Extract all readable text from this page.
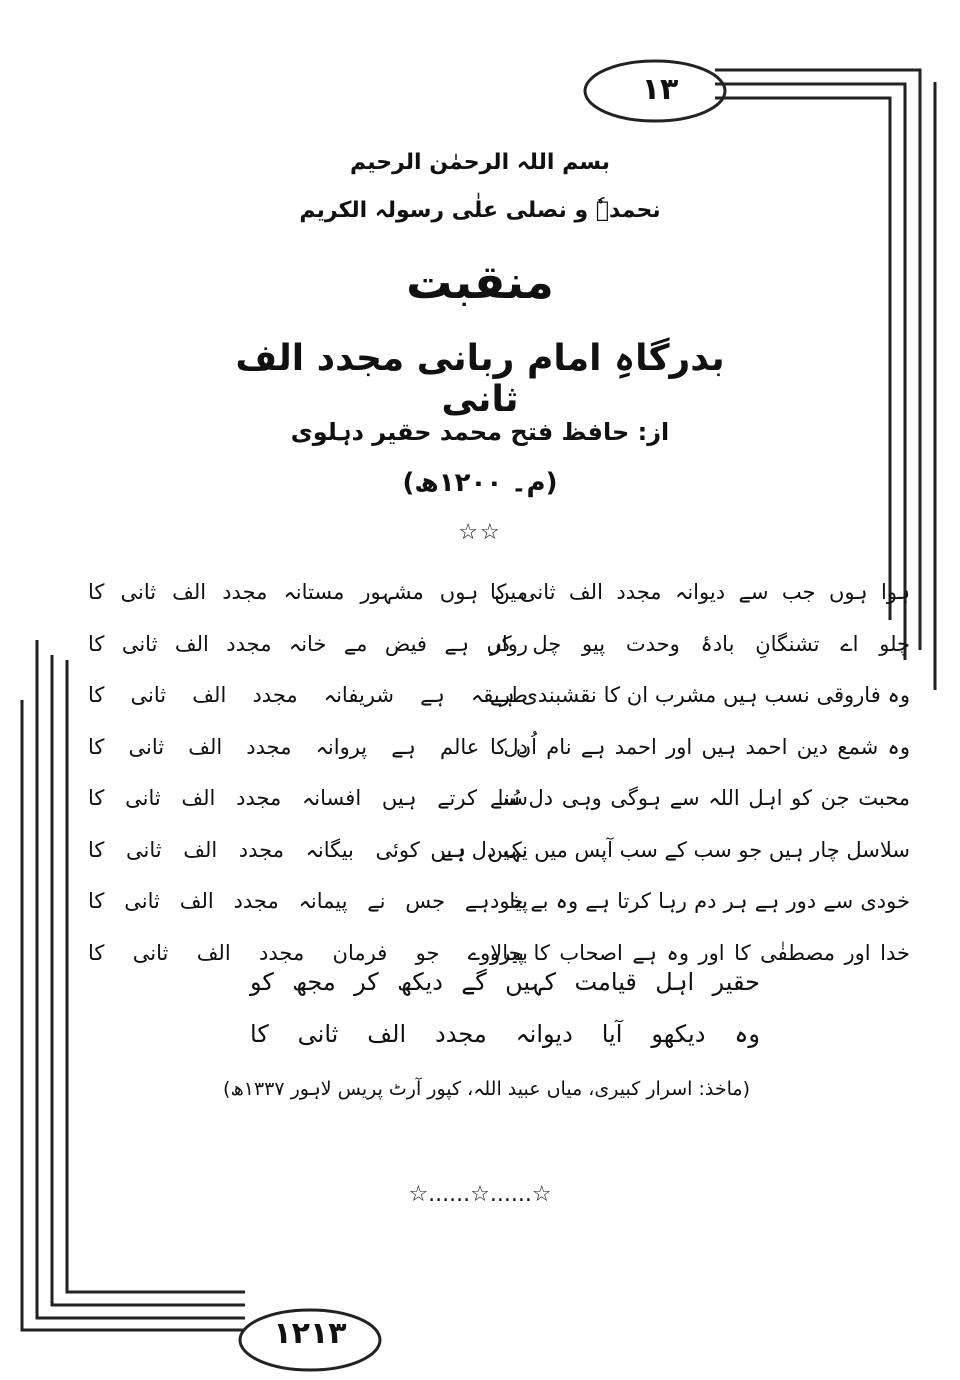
۱۳
۱۲۱۳
بسم اللہ الرحمٰن الرحیم
نحمدہٗ و نصلی علٰی رسولہ الکریم
منقبت
بدرگاہِ امام ربانی مجدد الف ثانی
از: حافظ فتح محمد حقیر دہلوی
(م۔ ۱۲۰۰ھ)
☆☆
ہوا ہوں جب سے دیوانہ مجدد الف ثانی کا
چلو اے تشنگانِ بادۂ وحدت پیو چل کر
وہ فاروقی نسب ہیں مشرب ان کا نقشبندی ہے
وہ شمع دین احمد ہیں اور احمد ہے نام اُن کا
محبت جن کو اہل اللہ سے ہوگی وہی دل سے
سلاسل چار ہیں جو سب کے سب آپس میں یک دل ہیں
خودی سے دور ہے ہر دم رہا کرتا ہے وہ بے خود
خدا اور مصطفٰی کا اور وہ ہے اصحاب کا پیرو
میں ہوں مشہور مستانہ مجدد الف ثانی کا
رواں ہے فیض مے خانہ مجدد الف ثانی کا
طریقہ ہے شریفانہ مجدد الف ثانی کا
دل عالم ہے پروانہ مجدد الف ثانی کا
سُنا کرتے ہیں افسانہ مجدد الف ثانی کا
نہیں ہے کوئی بیگانہ مجدد الف ثانی کا
پیا ہے جس نے پیمانہ مجدد الف ثانی کا
بجالاوے جو فرمان مجدد الف ثانی کا
حقیر اہل قیامت کہیں گے دیکھ کر مجھ کو
وہ دیکھو آیا دیوانہ مجدد الف ثانی کا
(ماخذ: اسرار کبیری، میاں عبید اللہ، کپور آرٹ پریس لاہور ۱۳۳۷ھ)
☆......☆......☆
